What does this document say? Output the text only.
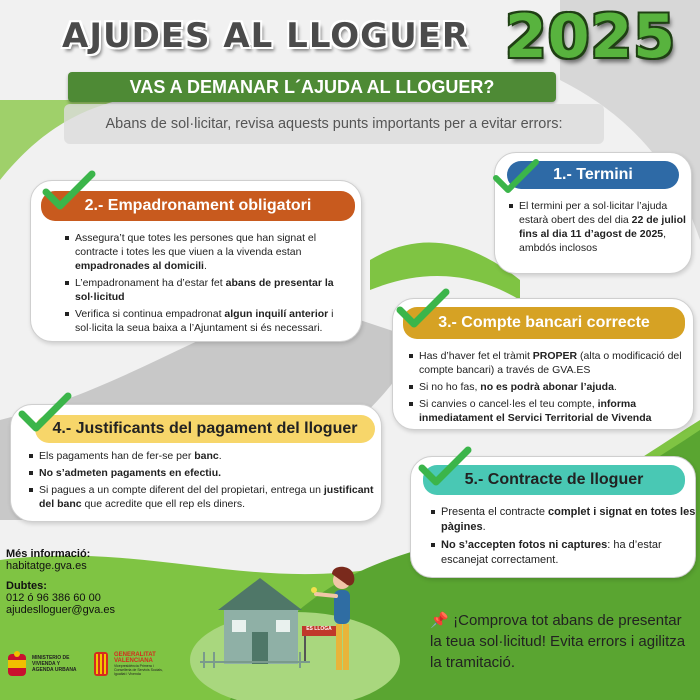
AJUDES AL LLOGUER 2025
VAS A DEMANAR L´AJUDA AL LLOGUER?
Abans de sol·licitar, revisa aquests punts importants per a evitar errors:
1.- Termini
El termini per a sol·licitar l’ajuda estarà obert des del dia 22 de juliol fins al dia 11 d’agost de 2025, ambdós inclosos
2.- Empadronament obligatori
Assegura’t que totes les persones que han signat el contracte i totes les que viuen a la vivenda estan empadronades al domicili.
L’empadronament ha d’estar fet abans de presentar la sol·licitud
Verifica si continua empadronat algun inquilí anterior i sol·licita la seua baixa a l’Ajuntament si és necessari.	3.- Compte bancari correcte
Has d’haver fet el tràmit PROPER (alta o modificació del compte bancari) a través de GVA.ES
Si no ho fas, no es podrà abonar l’ajuda.
Si canvies o cancel·les el teu compte, informa inmediatament el Servici Territorial de Vivenda
4.- Justificants del pagament del lloguer
Els pagaments han de fer-se per banc.
No s’admeten pagaments en efectiu.
Si pagues a un compte diferent del del propietari, entrega un justificant del banc que acredite que ell rep els diners.
5.- Contracte de lloguer
Presenta el contracte complet i signat en totes les pàgines.
No s’accepten fotos ni captures: ha d’estar escanejat correctament.
Més informació:
habitatge.gva.es
Dubtes:
012 ó 96 386 60 00
ajudeslloguer@gva.es
MINISTERIO DE VIVIENDA Y AGENDA URBANA
GENERALITAT VALENCIANA
Vicepresidència Primera i Conselleria de Servicis Socials, Igualtat i Vivenda
ES LLOGA	📌 ¡Comprova tot abans de presentar la teua sol·licitud! Evita errors i agilitza la tramitació.
